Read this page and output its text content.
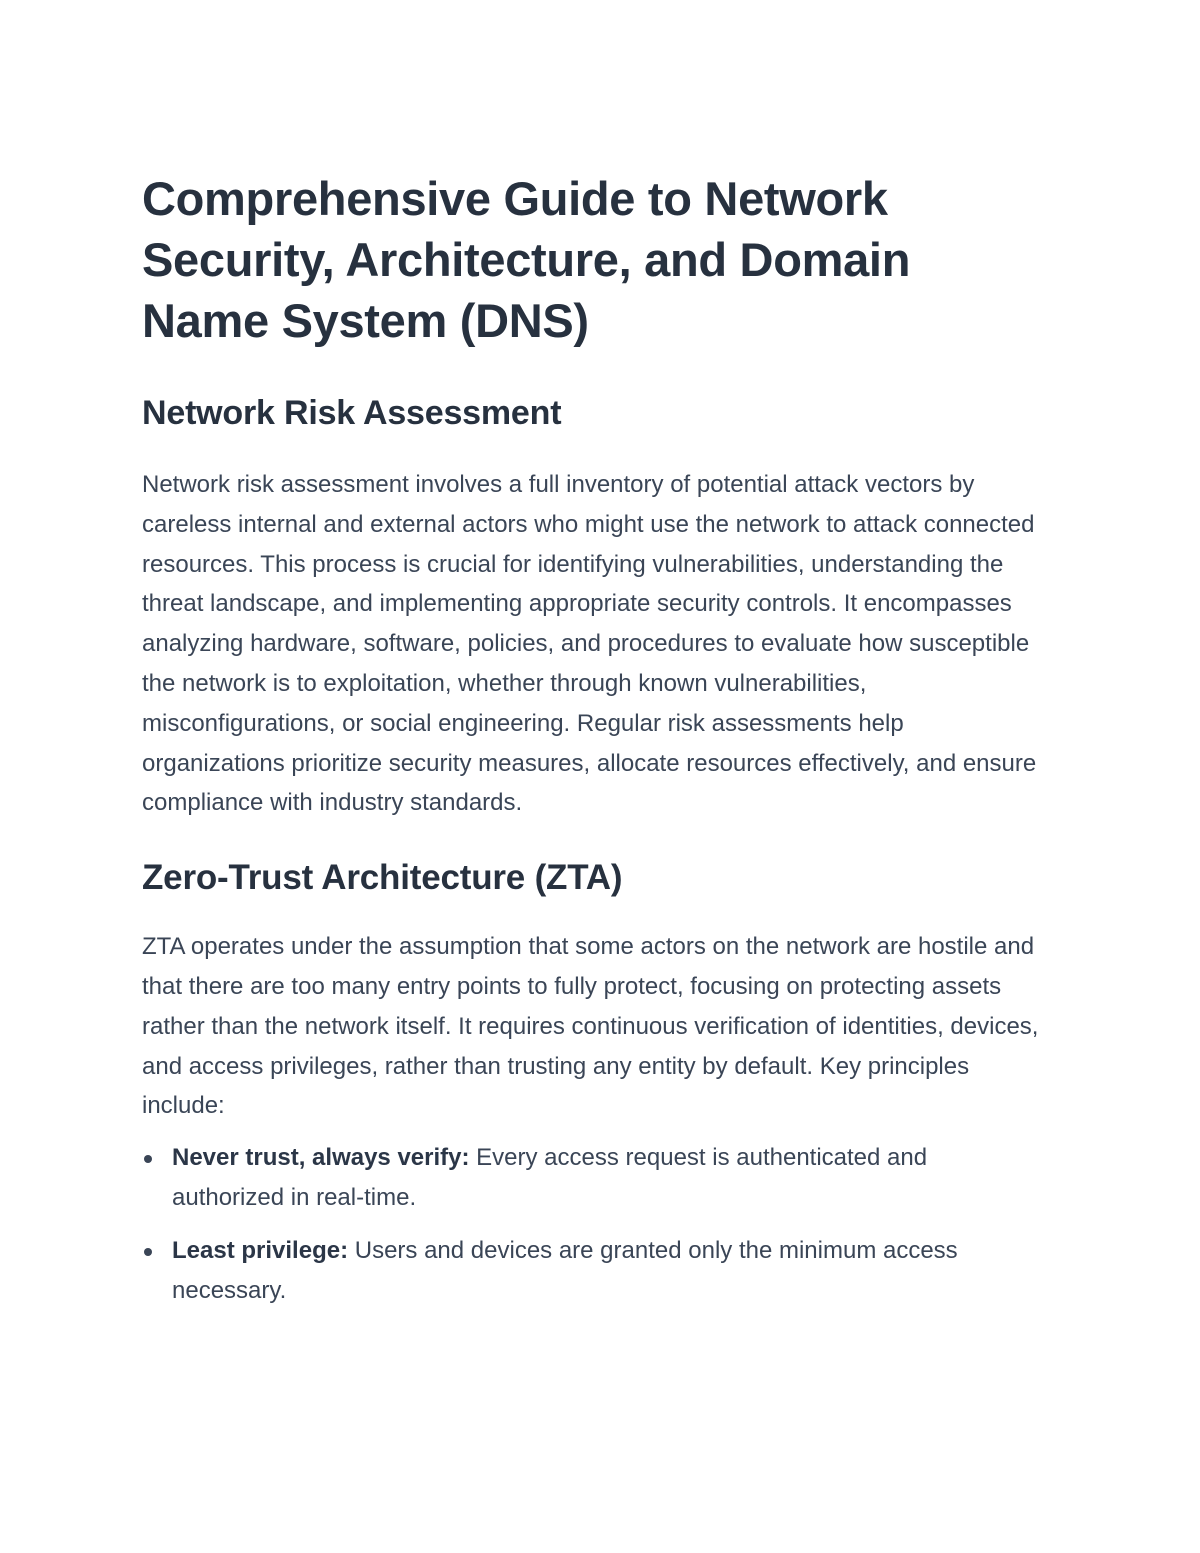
Comprehensive Guide to Network Security, Architecture, and Domain Name System (DNS)
Network Risk Assessment

Network risk assessment involves a full inventory of potential attack vectors by careless internal and external actors who might use the network to attack connected resources. This process is crucial for identifying vulnerabilities, understanding the threat landscape, and implementing appropriate security controls. It encompasses analyzing hardware, software, policies, and procedures to evaluate how susceptible the network is to exploitation, whether through known vulnerabilities, misconfigurations, or social engineering. Regular risk assessments help organizations prioritize security measures, allocate resources effectively, and ensure compliance with industry standards.

Zero-Trust Architecture (ZTA)

ZTA operates under the assumption that some actors on the network are hostile and that there are too many entry points to fully protect, focusing on protecting assets rather than the network itself. It requires continuous verification of identities, devices, and access privileges, rather than trusting any entity by default. Key principles include:

Never trust, always verify: Every access request is authenticated and authorized in real-time.
Least privilege: Users and devices are granted only the minimum access necessary.
